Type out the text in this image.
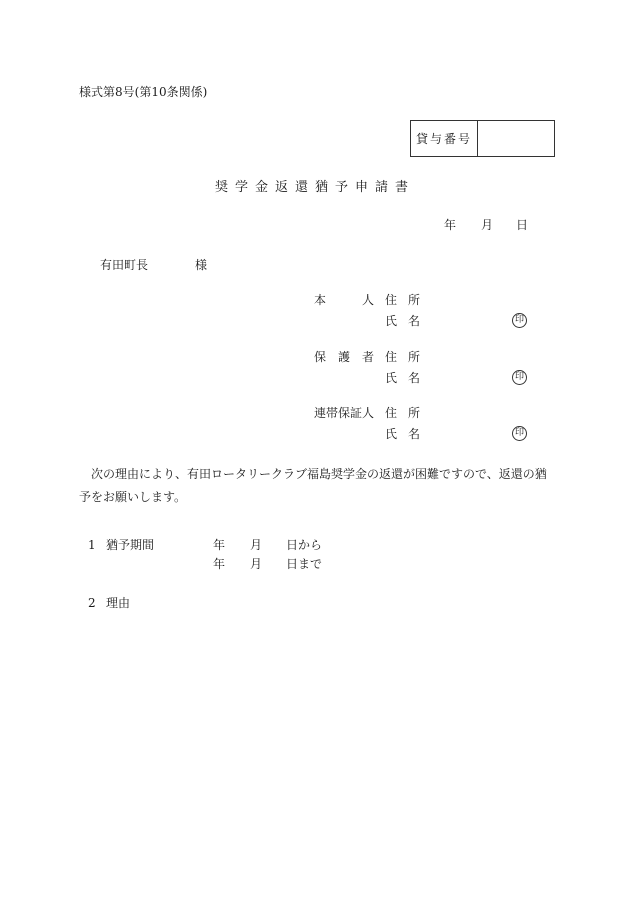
様式第8号(第10条関係)
貸与番号
奨学金返還猶予申請書
年 月 日
有田町長	様
本	人 住 所
氏 名	印
保 護 者 住 所
氏 名	印
連帯保証人 住 所
氏 名	印
次の理由により、有田ロータリークラブ福島奨学金の返還が困難ですので、返還の猶予をお願いします。
1 猶予期間	年 月 日から
年 月 日まで
2 理由
